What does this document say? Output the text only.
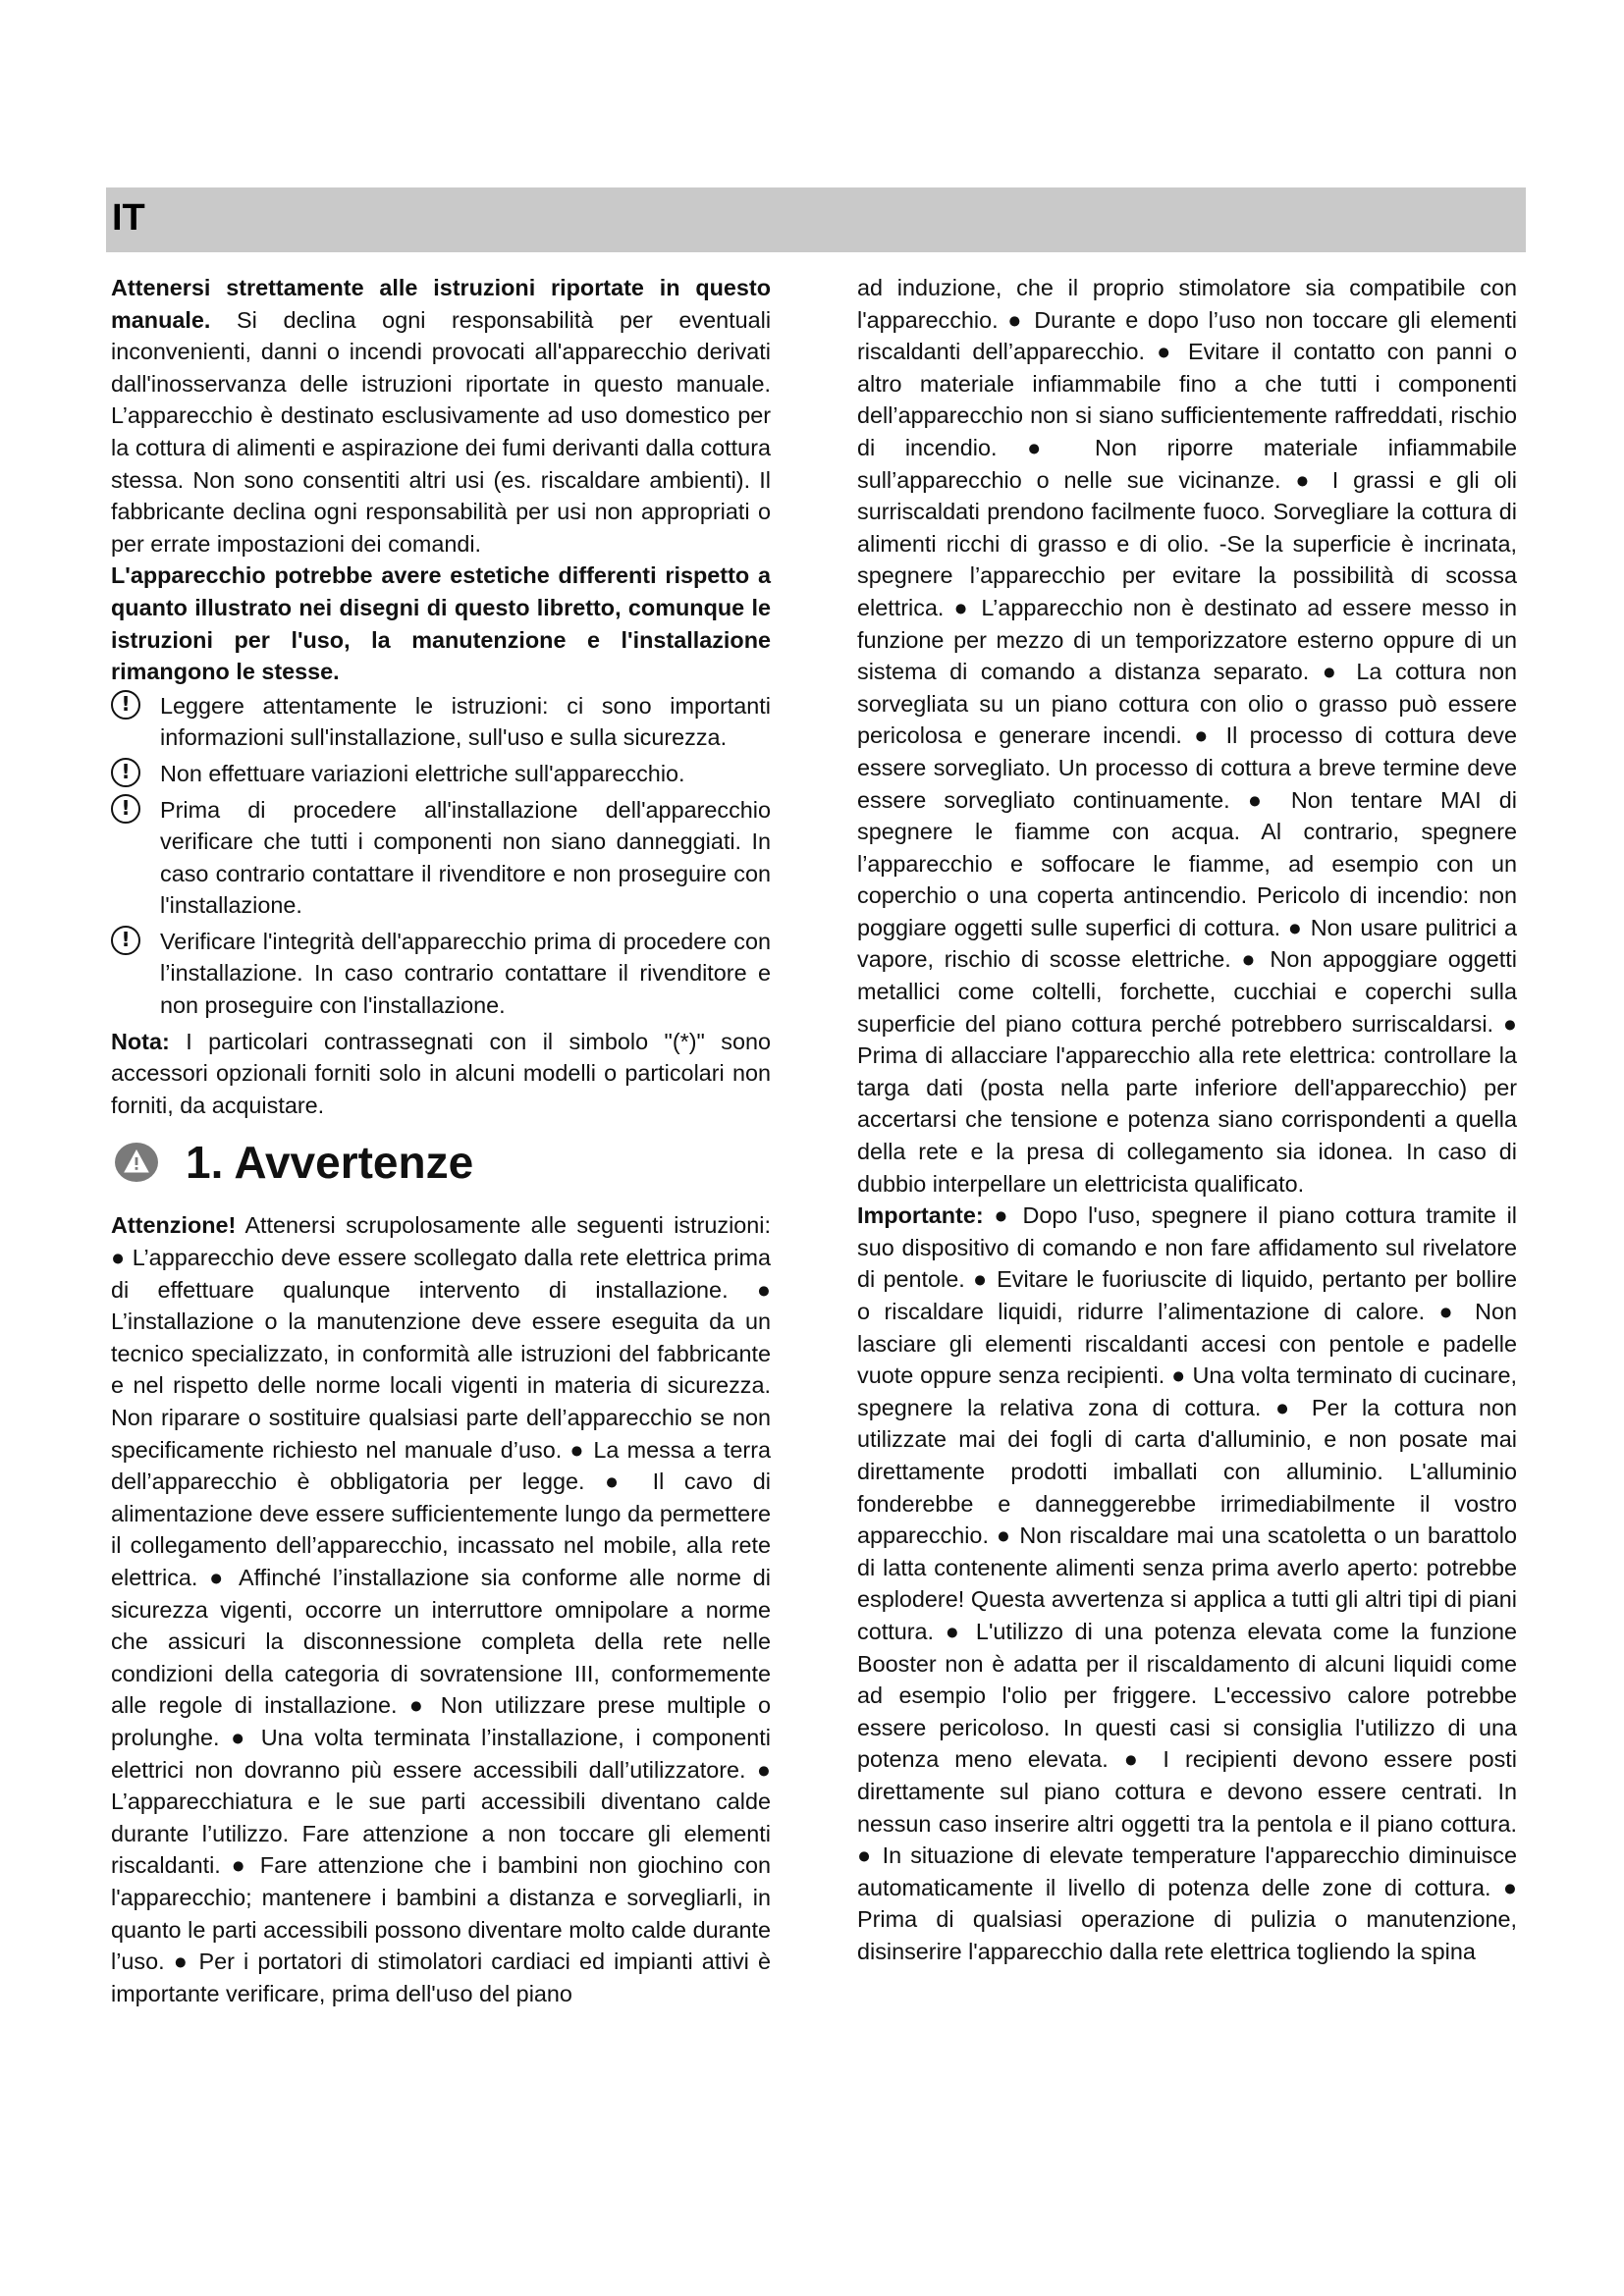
IT

Attenersi strettamente alle istruzioni riportate in questo manuale. Si declina ogni responsabilità per eventuali inconvenienti, danni o incendi provocati all'apparecchio derivati dall'inosservanza delle istruzioni riportate in questo manuale. L’apparecchio è destinato esclusivamente ad uso domestico per la cottura di alimenti e aspirazione dei fumi derivanti dalla cottura stessa. Non sono consentiti altri usi (es. riscaldare ambienti). Il fabbricante declina ogni responsabilità per usi non appropriati o per errate impostazioni dei comandi.

L'apparecchio potrebbe avere estetiche differenti rispetto a quanto illustrato nei disegni di questo libretto, comunque le istruzioni per l'uso, la manutenzione e l'installazione rimangono le stesse.

!	Leggere attentamente le istruzioni: ci sono importanti informazioni sull'installazione, sull'uso e sulla sicurezza.
!	Non effettuare variazioni elettriche sull'apparecchio.
!	Prima di procedere all'installazione dell'apparecchio verificare che tutti i componenti non siano danneggiati. In caso contrario contattare il rivenditore e non proseguire con l'installazione.
!	Verificare l'integrità dell'apparecchio prima di procedere con l’installazione. In caso contrario contattare il rivenditore e non proseguire con l'installazione.

Nota: I particolari contrassegnati con il simbolo "(*)" sono accessori opzionali forniti solo in alcuni modelli o particolari non forniti, da acquistare.

1. Avvertenze

Attenzione! Attenersi scrupolosamente alle seguenti istruzioni: ● L’apparecchio deve essere scollegato dalla rete elettrica prima di effettuare qualunque intervento di installazione. ● L’installazione o la manutenzione deve essere eseguita da un tecnico specializzato, in conformità alle istruzioni del fabbricante e nel rispetto delle norme locali vigenti in materia di sicurezza. Non riparare o sostituire qualsiasi parte dell’apparecchio se non specificamente richiesto nel manuale d’uso. ● La messa a terra dell’apparecchio è obbligatoria per legge. ● Il cavo di alimentazione deve essere sufficientemente lungo da permettere il collegamento dell’apparecchio, incassato nel mobile, alla rete elettrica. ● Affinché l’installazione sia conforme alle norme di sicurezza vigenti, occorre un interruttore omnipolare a norme che assicuri la disconnessione completa della rete nelle condizioni della categoria di sovratensione III, conformemente alle regole di installazione. ● Non utilizzare prese multiple o prolunghe. ● Una volta terminata l’installazione, i componenti elettrici non dovranno più essere accessibili dall’utilizzatore. ● L’apparecchiatura e le sue parti accessibili diventano calde durante l’utilizzo. Fare attenzione a non toccare gli elementi riscaldanti. ● Fare attenzione che i bambini non giochino con l'apparecchio; mantenere i bambini a distanza e sorvegliarli, in quanto le parti accessibili possono diventare molto calde durante l’uso. ● Per i portatori di stimolatori cardiaci ed impianti attivi è importante verificare, prima dell'uso del piano

ad induzione, che il proprio stimolatore sia compatibile con l'apparecchio. ● Durante e dopo l’uso non toccare gli elementi riscaldanti dell’apparecchio. ● Evitare il contatto con panni o altro materiale infiammabile fino a che tutti i componenti dell’apparecchio non si siano sufficientemente raffreddati, rischio di incendio. ● Non riporre materiale infiammabile sull’apparecchio o nelle sue vicinanze. ● I grassi e gli oli surriscaldati prendono facilmente fuoco. Sorvegliare la cottura di alimenti ricchi di grasso e di olio. -Se la superficie è incrinata, spegnere l’apparecchio per evitare la possibilità di scossa elettrica. ● L’apparecchio non è destinato ad essere messo in funzione per mezzo di un temporizzatore esterno oppure di un sistema di comando a distanza separato. ● La cottura non sorvegliata su un piano cottura con olio o grasso può essere pericolosa e generare incendi. ● Il processo di cottura deve essere sorvegliato. Un processo di cottura a breve termine deve essere sorvegliato continuamente. ● Non tentare MAI di spegnere le fiamme con acqua. Al contrario, spegnere l’apparecchio e soffocare le fiamme, ad esempio con un coperchio o una coperta antincendio. Pericolo di incendio: non poggiare oggetti sulle superfici di cottura. ● Non usare pulitrici a vapore, rischio di scosse elettriche. ● Non appoggiare oggetti metallici come coltelli, forchette, cucchiai e coperchi sulla superficie del piano cottura perché potrebbero surriscaldarsi. ● Prima di allacciare l'apparecchio alla rete elettrica: controllare la targa dati (posta nella parte inferiore dell'apparecchio) per accertarsi che tensione e potenza siano corrispondenti a quella della rete e la presa di collegamento sia idonea. In caso di dubbio interpellare un elettricista qualificato.

Importante: ● Dopo l'uso, spegnere il piano cottura tramite il suo dispositivo di comando e non fare affidamento sul rivelatore di pentole. ● Evitare le fuoriuscite di liquido, pertanto per bollire o riscaldare liquidi, ridurre l’alimentazione di calore. ● Non lasciare gli elementi riscaldanti accesi con pentole e padelle vuote oppure senza recipienti. ● Una volta terminato di cucinare, spegnere la relativa zona di cottura. ● Per la cottura non utilizzate mai dei fogli di carta d'alluminio, e non posate mai direttamente prodotti imballati con alluminio. L'alluminio fonderebbe e danneggerebbe irrimediabilmente il vostro apparecchio. ● Non riscaldare mai una scatoletta o un barattolo di latta contenente alimenti senza prima averlo aperto: potrebbe esplodere! Questa avvertenza si applica a tutti gli altri tipi di piani cottura. ● L'utilizzo di una potenza elevata come la funzione Booster non è adatta per il riscaldamento di alcuni liquidi come ad esempio l'olio per friggere. L'eccessivo calore potrebbe essere pericoloso. In questi casi si consiglia l'utilizzo di una potenza meno elevata. ● I recipienti devono essere posti direttamente sul piano cottura e devono essere centrati. In nessun caso inserire altri oggetti tra la pentola e il piano cottura. ● In situazione di elevate temperature l'apparecchio diminuisce automaticamente il livello di potenza delle zone di cottura. ● Prima di qualsiasi operazione di pulizia o manutenzione, disinserire l'apparecchio dalla rete elettrica togliendo la spina
